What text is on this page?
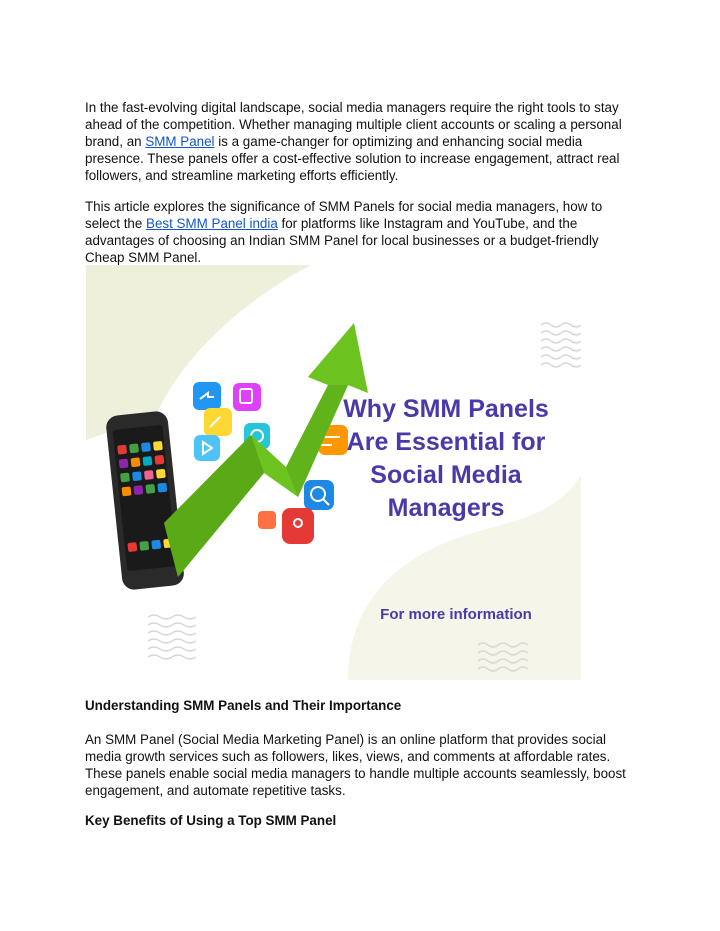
In the fast-evolving digital landscape, social media managers require the right tools to stay ahead of the competition. Whether managing multiple client accounts or scaling a personal brand, an SMM Panel is a game-changer for optimizing and enhancing social media presence. These panels offer a cost-effective solution to increase engagement, attract real followers, and streamline marketing efforts efficiently.

This article explores the significance of SMM Panels for social media managers, how to select the Best SMM Panel india for platforms like Instagram and YouTube, and the advantages of choosing an Indian SMM Panel for local businesses or a budget-friendly Cheap SMM Panel.

Why SMM Panels
Are Essential for
Social Media
Managers
For more information

Understanding SMM Panels and Their Importance

An SMM Panel (Social Media Marketing Panel) is an online platform that provides social media growth services such as followers, likes, views, and comments at affordable rates. These panels enable social media managers to handle multiple accounts seamlessly, boost engagement, and automate repetitive tasks.

Key Benefits of Using a Top SMM Panel
